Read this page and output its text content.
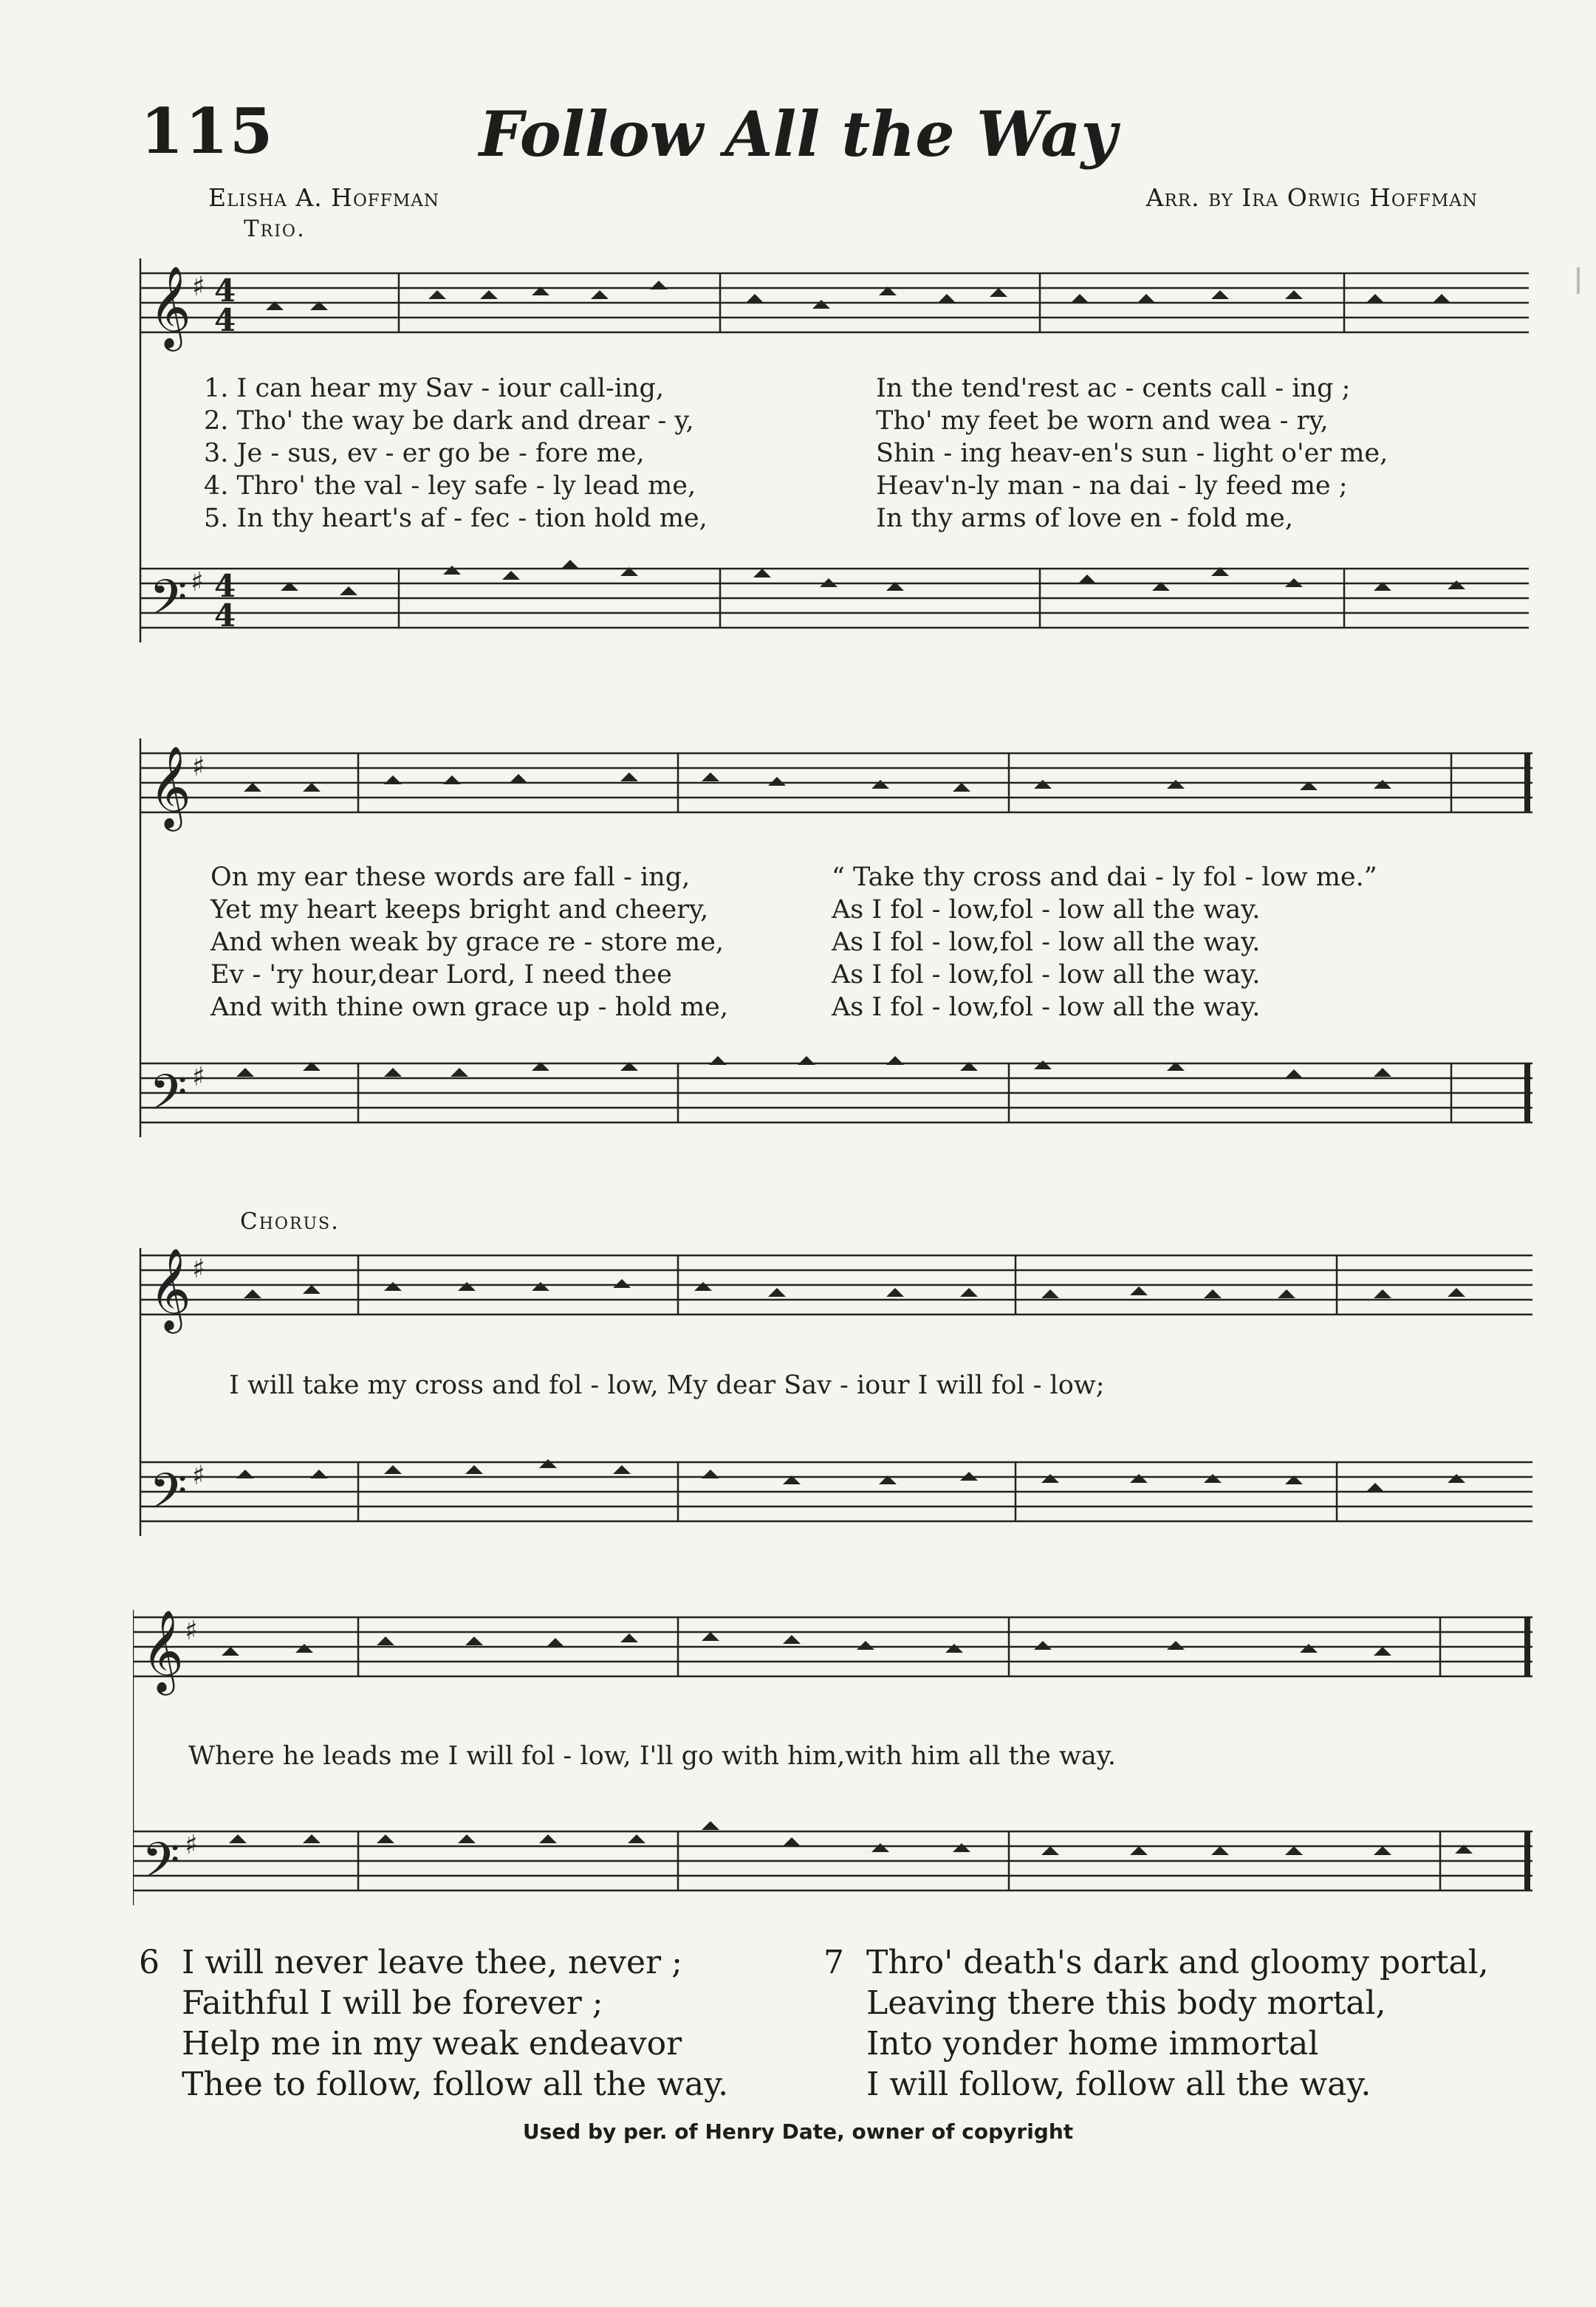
115	Follow All the Way
Elisha A. Hoffman	Arr. by Ira Orwig Hoffman
Trio.
𝄞
𝄢
4
4
4
4
♯
♯
1. I can hear my Sav - iour call-ing,
2. Tho' the way be dark and drear - y,
3. Je - sus, ev - er go be - fore me,
4. Thro' the val - ley safe - ly lead me,
5. In thy heart's af - fec - tion hold me,
In the tend'rest ac - cents call - ing ;
Tho' my feet be worn and wea - ry,
Shin - ing heav-en's sun - light o'er me,
Heav'n-ly man - na dai - ly feed me ;
In thy arms of love en - fold me,
𝄞
𝄢
♯
♯
On my ear these words are fall - ing,
Yet my heart keeps bright and cheery,
And when weak by grace re - store me,
Ev - 'ry hour,dear Lord, I need thee
And with thine own grace up - hold me,
“ Take thy cross and dai - ly fol - low me.”
As I fol - low,fol - low all the way.
As I fol - low,fol - low all the way.
As I fol - low,fol - low all the way.
As I fol - low,fol - low all the way.
Chorus.
𝄞
𝄢
♯
♯
I will take my cross and fol - low, My dear Sav - iour I will fol - low;
𝄞
𝄢
♯
♯
Where he leads me I will fol - low, I'll go with him,with him all the way.
6 I will never leave thee, never ;
Faithful I will be forever ;
Help me in my weak endeavor
Thee to follow, follow all the way.
7 Thro' death's dark and gloomy portal,
Leaving there this body mortal,
Into yonder home immortal
I will follow, follow all the way.
Used by per. of Henry Date, owner of copyright
